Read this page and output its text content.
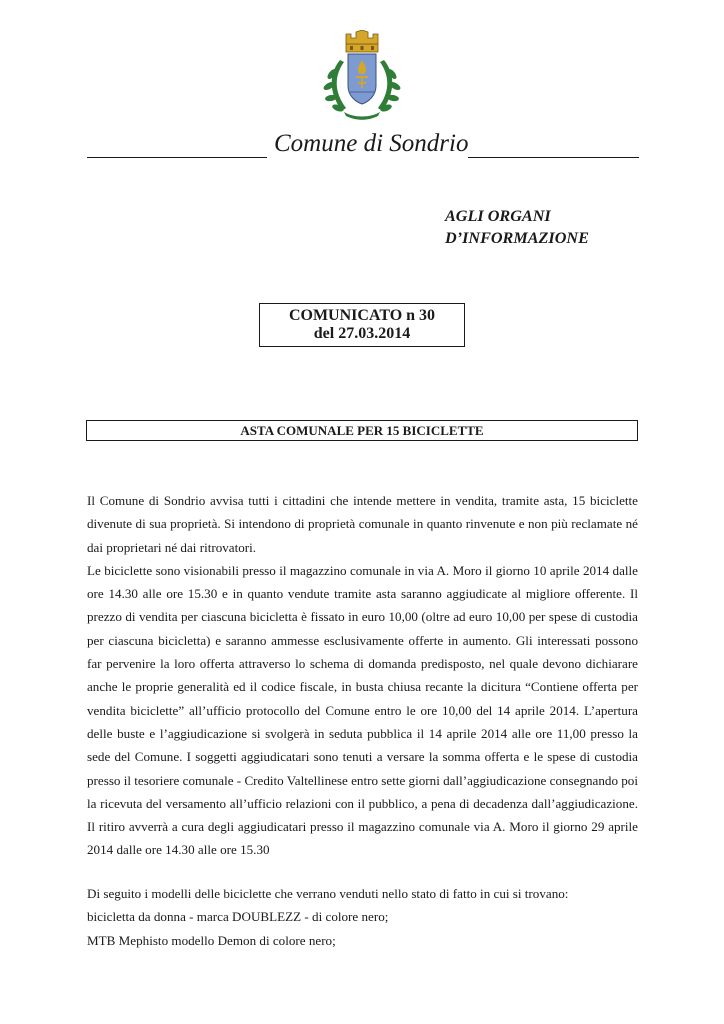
Comune di Sondrio
AGLI ORGANI
D’INFORMAZIONE
COMUNICATO n 30
del 27.03.2014
ASTA COMUNALE PER 15 BICICLETTE

Il Comune di Sondrio avvisa tutti i cittadini che intende mettere in vendita, tramite asta, 15 biciclette divenute di sua proprietà. Si intendono di proprietà comunale in quanto rinvenute e non più reclamate né dai proprietari né dai ritrovatori.

Le biciclette sono visionabili presso il magazzino comunale in via A. Moro il giorno 10 aprile 2014 dalle ore 14.30 alle ore 15.30 e in quanto vendute tramite asta saranno aggiudicate al migliore offerente. Il prezzo di vendita per ciascuna bicicletta è fissato in euro 10,00 (oltre ad euro 10,00 per spese di custodia per ciascuna bicicletta) e saranno ammesse esclusivamente offerte in aumento. Gli interessati possono far pervenire la loro offerta attraverso lo schema di domanda predisposto, nel quale devono dichiarare anche le proprie generalità ed il codice fiscale, in busta chiusa recante la dicitura “Contiene offerta per vendita biciclette” all’ufficio protocollo del Comune entro le ore 10,00 del 14 aprile 2014. L’apertura delle buste e l’aggiudicazione si svolgerà in seduta pubblica il 14 aprile 2014 alle ore 11,00 presso la sede del Comune. I soggetti aggiudicatari sono tenuti a versare la somma offerta e le spese di custodia presso il tesoriere comunale - Credito Valtellinese entro sette giorni dall’aggiudicazione consegnando poi la ricevuta del versamento all’ufficio relazioni con il pubblico, a pena di decadenza dall’aggiudicazione. Il ritiro avverrà a cura degli aggiudicatari presso il magazzino comunale via A. Moro il giorno 29 aprile 2014 dalle ore 14.30 alle ore 15.30

Di seguito i modelli delle biciclette che verrano venduti nello stato di fatto in cui si trovano:

bicicletta da donna - marca DOUBLEZZ - di colore nero;

MTB Mephisto modello Demon di colore nero;
